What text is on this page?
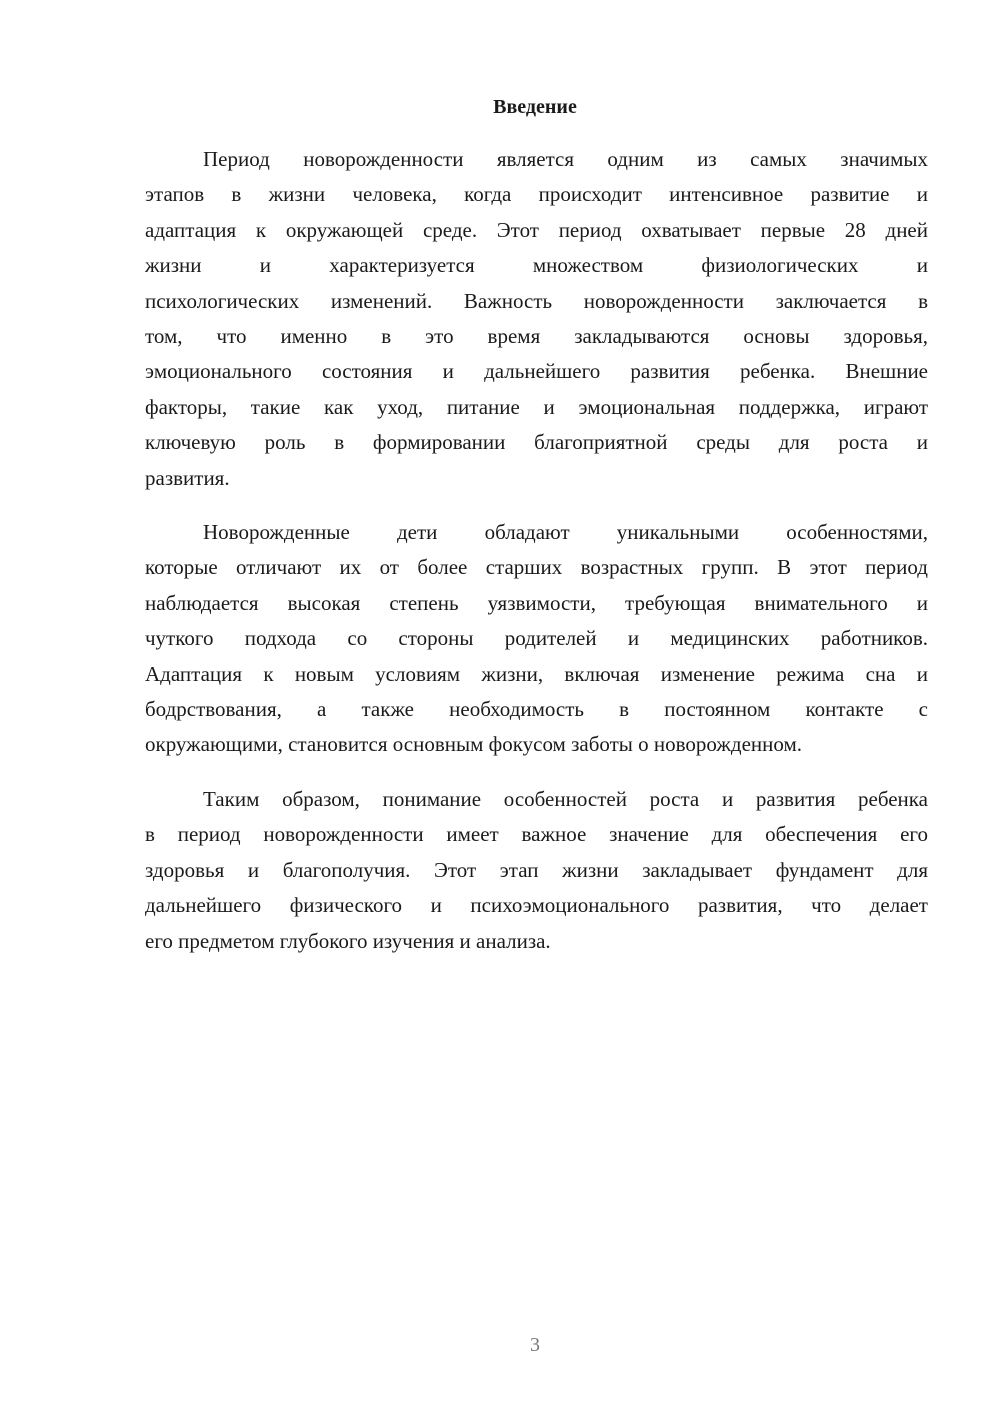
Введение
Период новорожденности является одним из самых значимых
этапов в жизни человека, когда происходит интенсивное развитие и
адаптация к окружающей среде. Этот период охватывает первые 28 дней
жизни и характеризуется множеством физиологических и
психологических изменений. Важность новорожденности заключается в
том, что именно в это время закладываются основы здоровья,
эмоционального состояния и дальнейшего развития ребенка. Внешние
факторы, такие как уход, питание и эмоциональная поддержка, играют
ключевую роль в формировании благоприятной среды для роста и
развития.
Новорожденные дети обладают уникальными особенностями,
которые отличают их от более старших возрастных групп. В этот период
наблюдается высокая степень уязвимости, требующая внимательного и
чуткого подхода со стороны родителей и медицинских работников.
Адаптация к новым условиям жизни, включая изменение режима сна и
бодрствования, а также необходимость в постоянном контакте с
окружающими, становится основным фокусом заботы о новорожденном.
Таким образом, понимание особенностей роста и развития ребенка
в период новорожденности имеет важное значение для обеспечения его
здоровья и благополучия. Этот этап жизни закладывает фундамент для
дальнейшего физического и психоэмоционального развития, что делает
его предметом глубокого изучения и анализа.
3
